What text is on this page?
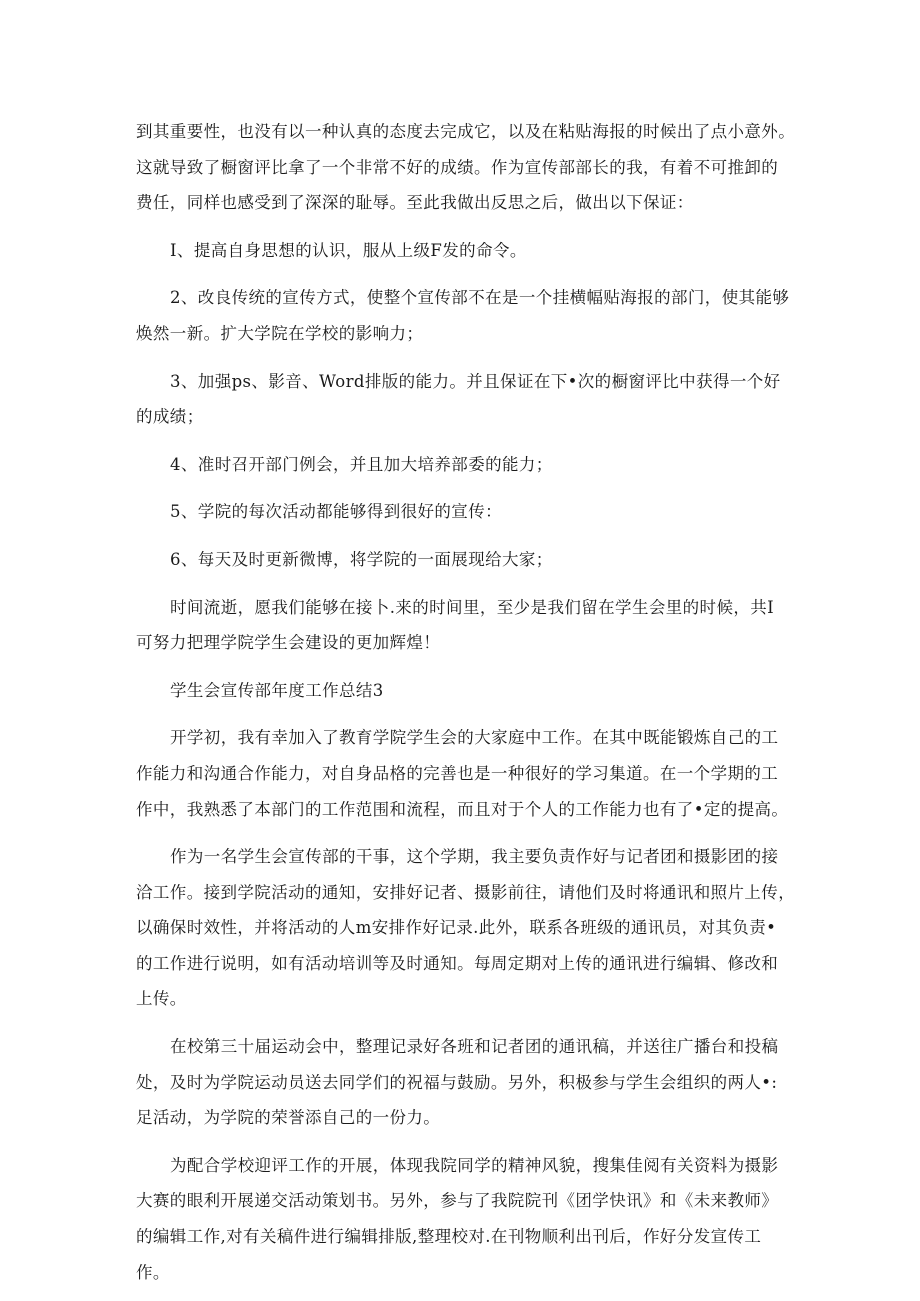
到其重要性，也没有以一种认真的态度去完成它，以及在粘贴海报的时候出了点小意外。
这就导致了橱窗评比拿了一个非常不好的成绩。作为宣传部部长的我，有着不可推卸的
费任，同样也感受到了深深的耻辱。至此我做出反思之后，做出以下保证：
I、提高自身思想的认识，服从上级F发的命令。
2、改良传统的宣传方式，使整个宣传部不在是一个挂横幅贴海报的部门，使其能够
焕然一新。扩大学院在学校的影响力；
3、加强ps、影音、Word排版的能力。并且保证在下•次的橱窗评比中获得一个好
的成绩；
4、准时召开部门例会，并且加大培养部委的能力；
5、学院的每次活动都能够得到很好的宣传：
6、每天及时更新微博，将学院的一面展现给大家；
时间流逝，愿我们能够在接卜.来的时间里，至少是我们留在学生会里的时候，共I
可努力把理学院学生会建设的更加辉煌！
学生会宣传部年度工作总结3
开学初，我有幸加入了教育学院学生会的大家庭中工作。在其中既能锻炼自己的工
作能力和沟通合作能力，对自身品格的完善也是一种很好的学习集道。在一个学期的工
作中，我熟悉了本部门的工作范围和流程，而且对于个人的工作能力也有了•定的提高。
作为一名学生会宣传部的干事，这个学期，我主要负责作好与记者团和摄影团的接
洽工作。接到学院活动的通知，安排好记者、摄影前往，请他们及时将通讯和照片上传，
以确保时效性，并将活动的人m安排作好记录.此外，联系各班级的通讯员，对其负责•
的工作进行说明，如有活动培训等及时通知。每周定期对上传的通讯进行编辑、修改和
上传。
在校第三十届运动会中，整理记录好各班和记者团的通讯稿，并送往广播台和投稿
处，及时为学院运动员送去同学们的祝福与鼓励。另外，积极参与学生会组织的两人•:
足活动，为学院的荣誉添自己的一份力。
为配合学校迎评工作的开展，体现我院同学的精神风貌，搜集佳阅有关资料为摄影
大赛的眼利开展递交活动策划书。另外，参与了我院院刊《团学快讯》和《未来教师》
的编辑工作,对有关稿件进行编辑排版,整理校对.在刊物顺利出刊后，作好分发宣传工
作。
